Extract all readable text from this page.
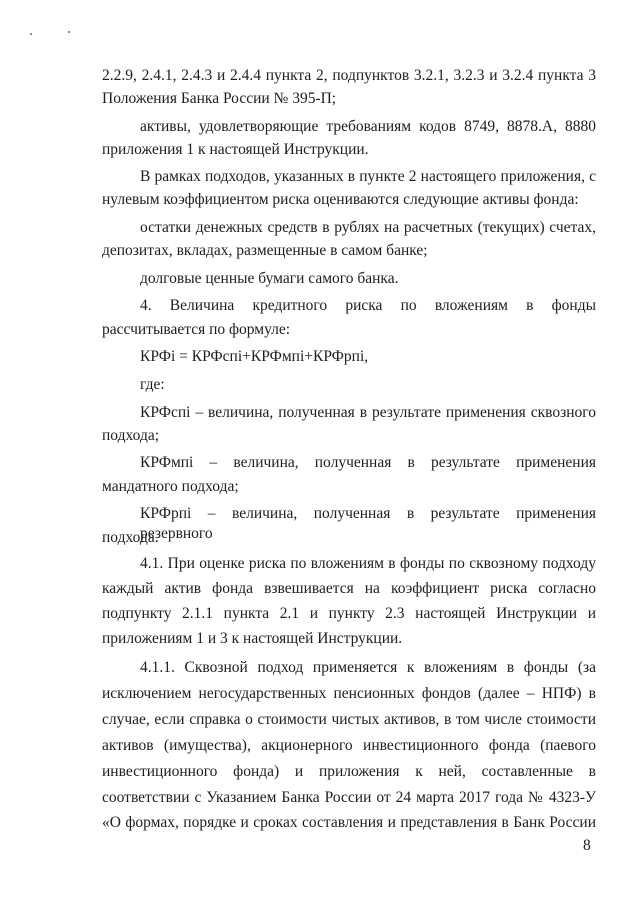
2.2.9, 2.4.1, 2.4.3 и 2.4.4 пункта 2, подпунктов 3.2.1, 3.2.3 и 3.2.4 пункта 3
Положения Банка России № 395-П;
активы, удовлетворяющие требованиям кодов 8749, 8878.А, 8880
приложения 1 к настоящей Инструкции.
В рамках подходов, указанных в пункте 2 настоящего приложения, с
нулевым коэффициентом риска оцениваются следующие активы фонда:
остатки денежных средств в рублях на расчетных (текущих) счетах,
депозитах, вкладах, размещенные в самом банке;
долговые ценные бумаги самого банка.
4. Величина кредитного риска по вложениям в фонды
рассчитывается по формуле:
КРФі = КРФспі+КРФмпі+КРФрпі,
где:
КРФспі – величина, полученная в результате применения сквозного
подхода;
КРФмпі – величина, полученная в результате применения
мандатного подхода;
КРФрпі – величина, полученная в результате применения резервного
подхода.
4.1. При оценке риска по вложениям в фонды по сквозному подходу
каждый актив фонда взвешивается на коэффициент риска согласно
подпункту 2.1.1 пункта 2.1 и пункту 2.3 настоящей Инструкции и
приложениям 1 и 3 к настоящей Инструкции.
4.1.1. Сквозной подход применяется к вложениям в фонды (за
исключением негосударственных пенсионных фондов (далее – НПФ) в
случае, если справка о стоимости чистых активов, в том числе стоимости
активов (имущества), акционерного инвестиционного фонда (паевого
инвестиционного фонда) и приложения к ней, составленные в
соответствии с Указанием Банка России от 24 марта 2017 года № 4323-У
«О формах, порядке и сроках составления и представления в Банк России
8
